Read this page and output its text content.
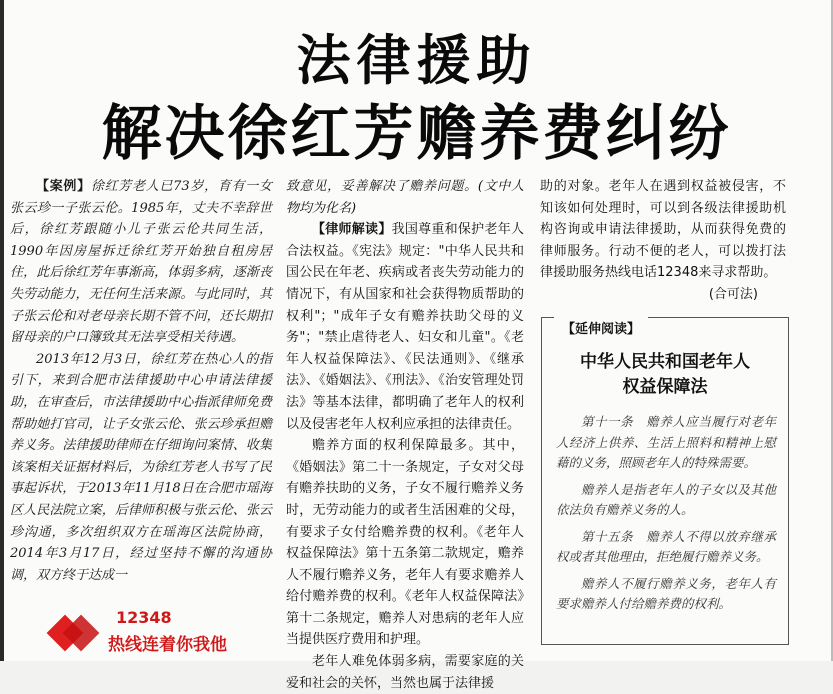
法律援助
解决徐红芳赡养费纠纷

【案例】徐红芳老人已73岁，育有一女张云珍一子张云伦。1985年，丈夫不幸辞世后，徐红芳跟随小儿子张云伦共同生活，1990年因房屋拆迁徐红芳开始独自租房居住，此后徐红芳年事渐高，体弱多病，逐渐丧失劳动能力，无任何生活来源。与此同时，其子张云伦和对老母亲长期不管不问，还长期扣留母亲的户口簿致其无法享受相关待遇。

2013年12月3日，徐红芳在热心人的指引下，来到合肥市法律援助中心申请法律援助，在审查后，市法律援助中心指派律师免费帮助她打官司，让子女张云伦、张云珍承担赡养义务。法律援助律师在仔细询问案情、收集该案相关证据材料后，为徐红芳老人书写了民事起诉状，于2013年11月18日在合肥市瑶海区人民法院立案，后律师积极与张云伦、张云珍沟通，多次组织双方在瑶海区法院协商，2014年3月17日，经过坚持不懈的沟通协调，双方终于达成一

致意见，妥善解决了赡养问题。(文中人物均为化名)

【律师解读】我国尊重和保护老年人合法权益。《宪法》规定："中华人民共和国公民在年老、疾病或者丧失劳动能力的情况下，有从国家和社会获得物质帮助的权利"；"成年子女有赡养扶助父母的义务"；"禁止虐待老人、妇女和儿童"。《老年人权益保障法》、《民法通则》、《继承法》、《婚姻法》、《刑法》、《治安管理处罚法》等基本法律，都明确了老年人的权利以及侵害老年人权利应承担的法律责任。

赡养方面的权利保障最多。其中，《婚姻法》第二十一条规定，子女对父母有赡养扶助的义务，子女不履行赡养义务时，无劳动能力的或者生活困难的父母，有要求子女付给赡养费的权利。《老年人权益保障法》第十五条第二款规定，赡养人不履行赡养义务，老年人有要求赡养人给付赡养费的权利。《老年人权益保障法》第十二条规定，赡养人对患病的老年人应当提供医疗费用和护理。

老年人难免体弱多病，需要家庭的关爱和社会的关怀，当然也属于法律援

助的对象。老年人在遇到权益被侵害，不知该如何处理时，可以到各级法律援助机构咨询或申请法律援助，从而获得免费的律师服务。行动不便的老人，可以拨打法律援助服务热线电话12348来寻求帮助。

(合可法)

【延伸阅读】
中华人民共和国老年人
权益保障法

第十一条　赡养人应当履行对老年人经济上供养、生活上照料和精神上慰藉的义务，照顾老年人的特殊需要。

赡养人是指老年人的子女以及其他依法负有赡养义务的人。

第十五条　赡养人不得以放弃继承权或者其他理由，拒绝履行赡养义务。

赡养人不履行赡养义务，老年人有要求赡养人付给赡养费的权利。

12348
热线连着你我他
